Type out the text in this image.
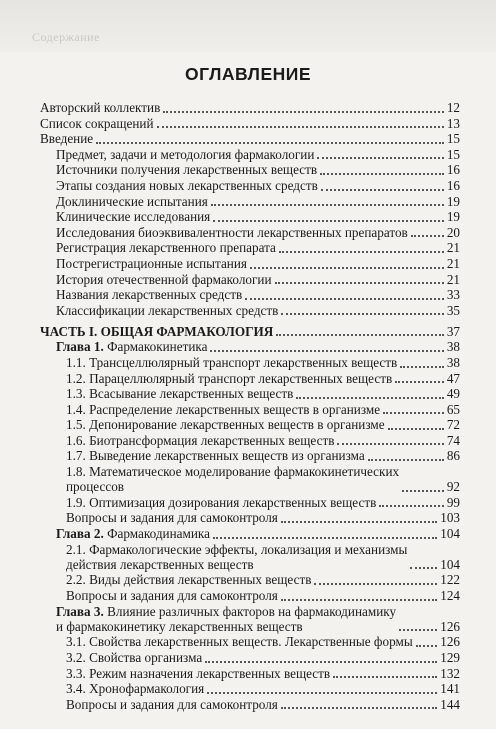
Содержание
ОГЛАВЛЕНИЕ
Авторский коллектив	12
Список сокращений	13
Введение	15
Предмет, задачи и методология фармакологии	15
Источники получения лекарственных веществ	16
Этапы создания новых лекарственных средств	16
Доклинические испытания	19
Клинические исследования	19
Исследования биоэквивалентности лекарственных препаратов	20
Регистрация лекарственного препарата	21
Пострегистрационные испытания	21
История отечественной фармакологии	21
Названия лекарственных средств	33
Классификации лекарственных средств	35
ЧАСТЬ I. ОБЩАЯ ФАРМАКОЛОГИЯ	37
Глава 1. Фармакокинетика	38
1.1. Трансцеллюлярный транспорт лекарственных веществ	38
1.2. Парацеллюлярный транспорт лекарственных веществ	47
1.3. Всасывание лекарственных веществ	49
1.4. Распределение лекарственных веществ в организме	65
1.5. Депонирование лекарственных веществ в организме	72
1.6. Биотрансформация лекарственных веществ	74
1.7. Выведение лекарственных веществ из организма	86
1.8. Математическое моделирование фармакокинетических
процессов	92
1.9. Оптимизация дозирования лекарственных веществ	99
Вопросы и задания для самоконтроля	103
Глава 2. Фармакодинамика	104
2.1. Фармакологические эффекты, локализация и механизмы
действия лекарственных веществ	104
2.2. Виды действия лекарственных веществ	122
Вопросы и задания для самоконтроля	124
Глава 3. Влияние различных факторов на фармакодинамику
и фармакокинетику лекарственных веществ	126
3.1. Свойства лекарственных веществ. Лекарственные формы 126
3.2. Свойства организма	129
3.3. Режим назначения лекарственных веществ	132
3.4. Хронофармакология	141
Вопросы и задания для самоконтроля	144
